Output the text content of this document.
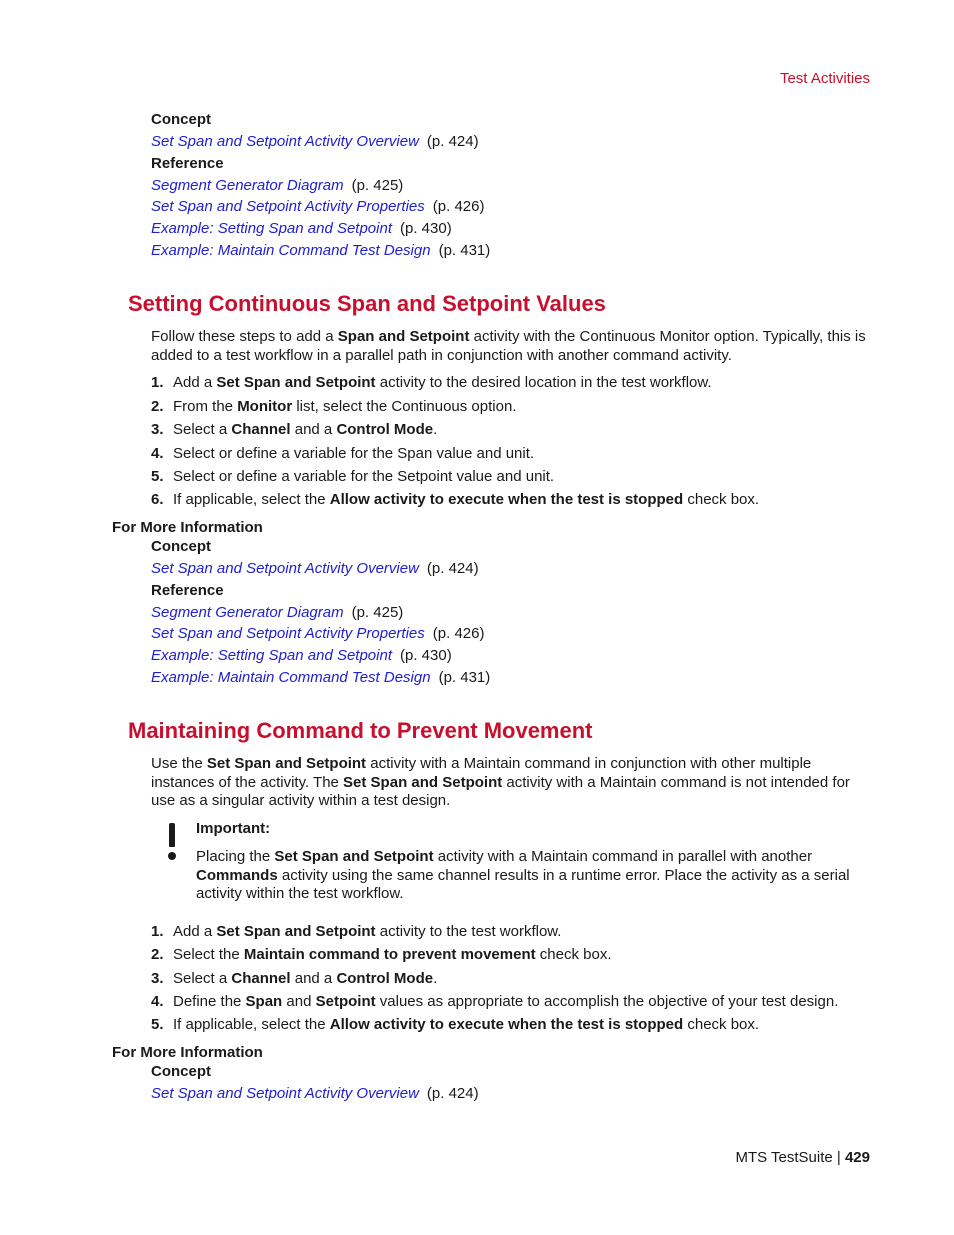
Test Activities
Concept
Set Span and Setpoint Activity Overview (p. 424)
Reference
Segment Generator Diagram (p. 425)
Set Span and Setpoint Activity Properties (p. 426)
Example: Setting Span and Setpoint (p. 430)
Example: Maintain Command Test Design (p. 431)
Setting Continuous Span and Setpoint Values
Follow these steps to add a Span and Setpoint activity with the Continuous Monitor option. Typically, this is added to a test workflow in a parallel path in conjunction with another command activity.
1. Add a Set Span and Setpoint activity to the desired location in the test workflow.
2. From the Monitor list, select the Continuous option.
3. Select a Channel and a Control Mode.
4. Select or define a variable for the Span value and unit.
5. Select or define a variable for the Setpoint value and unit.
6. If applicable, select the Allow activity to execute when the test is stopped check box.
For More Information
Concept
Set Span and Setpoint Activity Overview (p. 424)
Reference
Segment Generator Diagram (p. 425)
Set Span and Setpoint Activity Properties (p. 426)
Example: Setting Span and Setpoint (p. 430)
Example: Maintain Command Test Design (p. 431)
Maintaining Command to Prevent Movement
Use the Set Span and Setpoint activity with a Maintain command in conjunction with other multiple instances of the activity. The Set Span and Setpoint activity with a Maintain command is not intended for use as a singular activity within a test design.
Important:
Placing the Set Span and Setpoint activity with a Maintain command in parallel with another Commands activity using the same channel results in a runtime error. Place the activity as a serial activity within the test workflow.
1. Add a Set Span and Setpoint activity to the test workflow.
2. Select the Maintain command to prevent movement check box.
3. Select a Channel and a Control Mode.
4. Define the Span and Setpoint values as appropriate to accomplish the objective of your test design.
5. If applicable, select the Allow activity to execute when the test is stopped check box.
For More Information
Concept
Set Span and Setpoint Activity Overview (p. 424)
MTS TestSuite | 429
